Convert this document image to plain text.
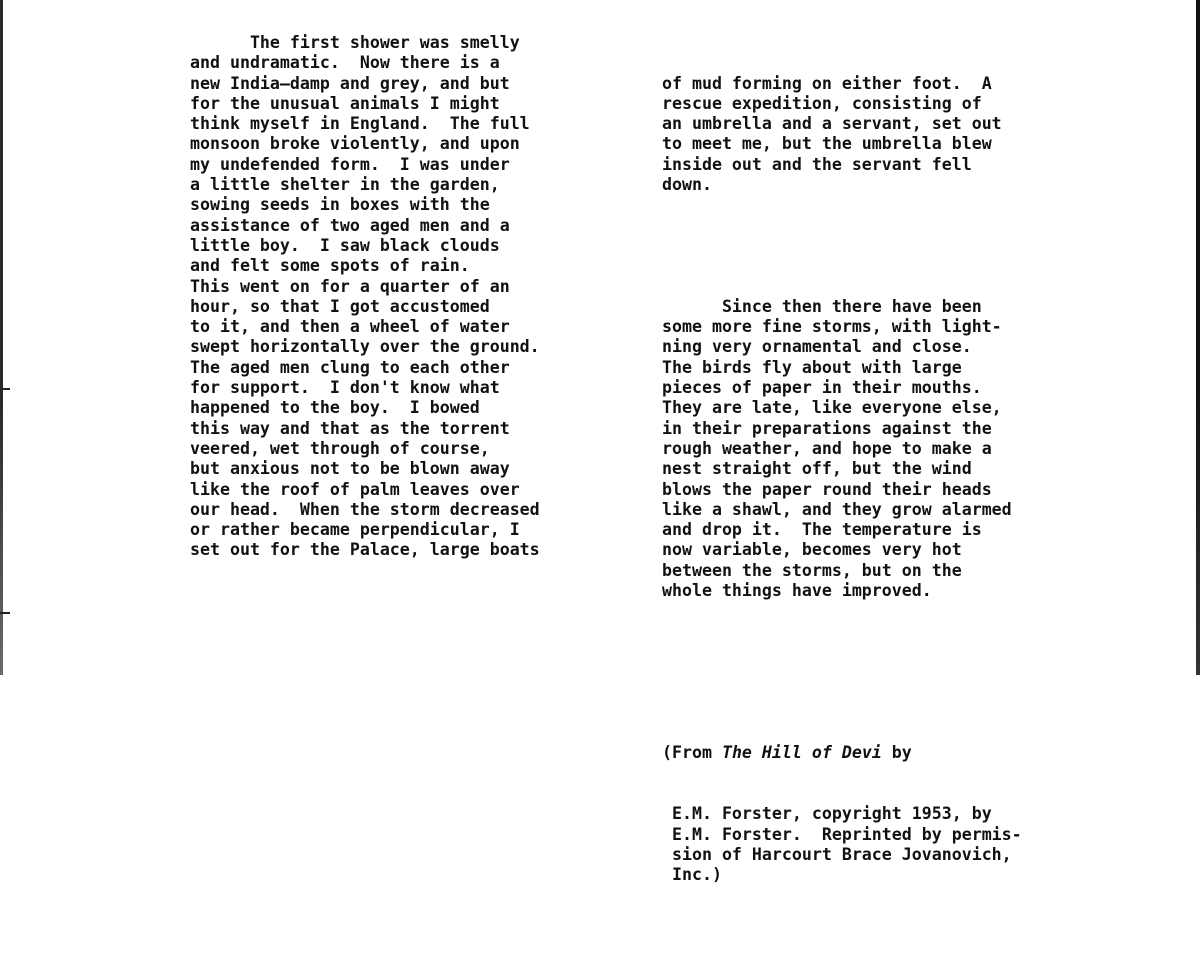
The first shower was smelly
and undramatic.  Now there is a
new India—damp and grey, and but
for the unusual animals I might
think myself in England.  The full
monsoon broke violently, and upon
my undefended form.  I was under
a little shelter in the garden,
sowing seeds in boxes with the
assistance of two aged men and a
little boy.  I saw black clouds
and felt some spots of rain.
This went on for a quarter of an
hour, so that I got accustomed
to it, and then a wheel of water
swept horizontally over the ground.
The aged men clung to each other
for support.  I don't know what
happened to the boy.  I bowed
this way and that as the torrent
veered, wet through of course,
but anxious not to be blown away
like the roof of palm leaves over
our head.  When the storm decreased
or rather became perpendicular, I
set out for the Palace, large boats

of mud forming on either foot.  A
rescue expedition, consisting of
an umbrella and a servant, set out
to meet me, but the umbrella blew
inside out and the servant fell
down.

Since then there have been
some more fine storms, with light-
ning very ornamental and close.
The birds fly about with large
pieces of paper in their mouths.
They are late, like everyone else,
in their preparations against the
rough weather, and hope to make a
nest straight off, but the wind
blows the paper round their heads
like a shawl, and they grow alarmed
and drop it.  The temperature is
now variable, becomes very hot
between the storms, but on the
whole things have improved.

(From The Hill of Devi by

E.M. Forster, copyright 1953, by
E.M. Forster.  Reprinted by permis-
sion of Harcourt Brace Jovanovich,
Inc.)
